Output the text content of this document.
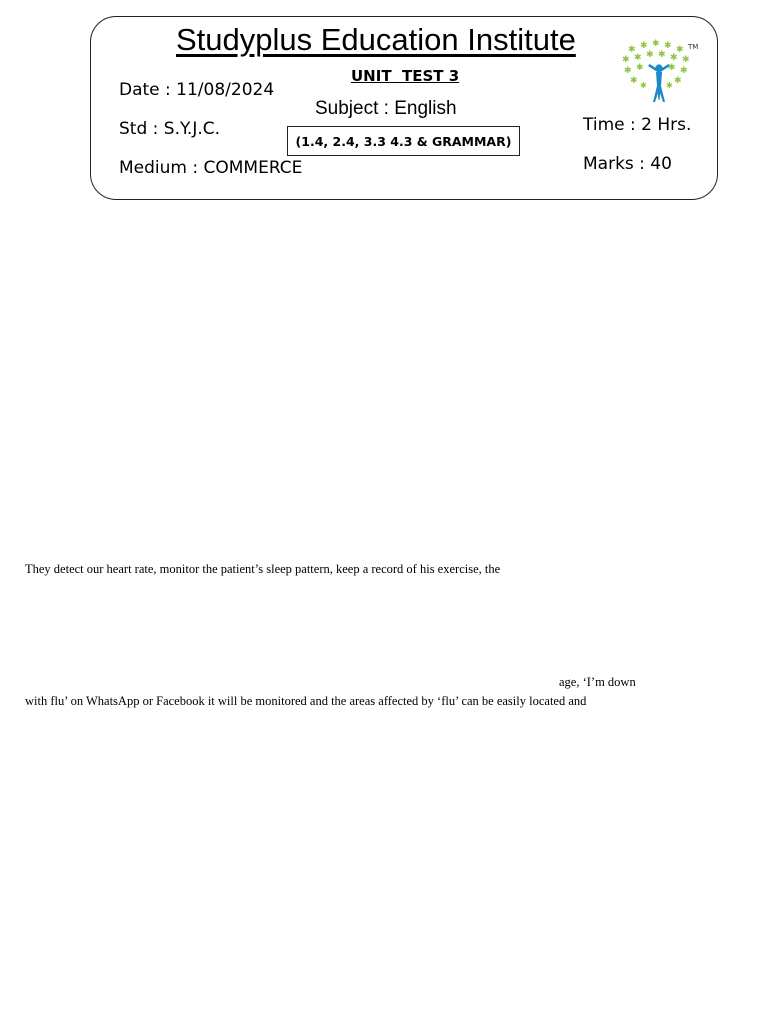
Studyplus Education Institute
Date : 11/08/2024
Std : S.Y.J.C.
Medium : COMMERCE
UNIT  TEST 3
Subject : English
(1.4, 2.4, 3.3 4.3 & GRAMMAR)
Time : 2 Hrs.
Marks : 40
✱ ✱ ✱ ✱ ✱
✱ ✱ ✱ ✱ ✱ ✱
✱ ✱	✱ ✱
✱	✱
✱ ✱
TM
They detect our heart rate, monitor the patient’s sleep pattern, keep a record of his exercise, the
age, ‘I’m down
with flu’ on WhatsApp or Facebook it will be monitored and the areas affected by ‘flu’ can be easily located and
